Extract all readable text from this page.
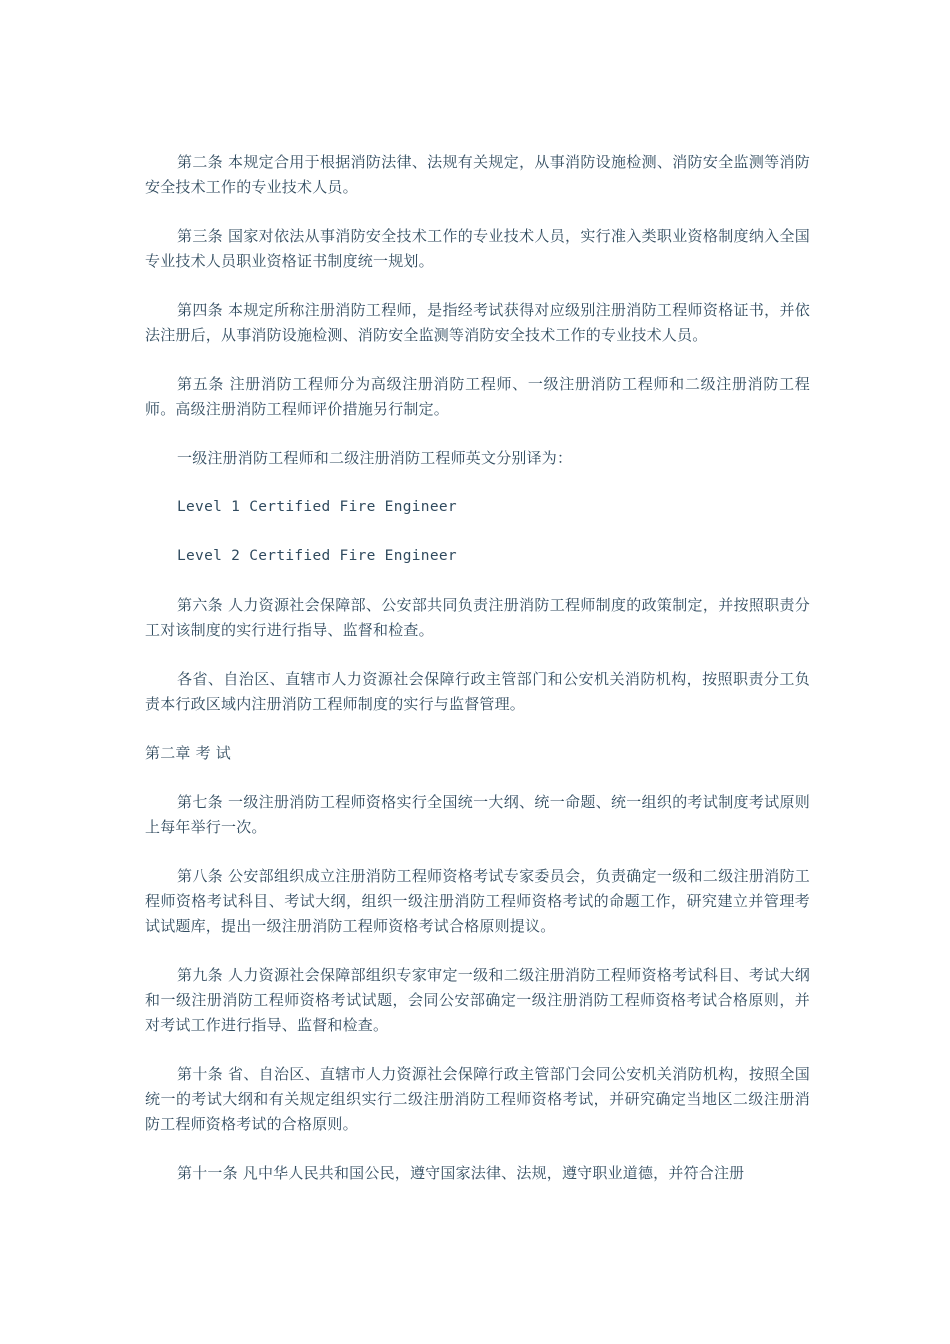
第二条 本规定合用于根据消防法律、法规有关规定，从事消防设施检测、消防安全监测等消防安全技术工作的专业技术人员。

第三条 国家对依法从事消防安全技术工作的专业技术人员，实行准入类职业资格制度纳入全国专业技术人员职业资格证书制度统一规划。

第四条 本规定所称注册消防工程师，是指经考试获得对应级别注册消防工程师资格证书，并依法注册后，从事消防设施检测、消防安全监测等消防安全技术工作的专业技术人员。

第五条 注册消防工程师分为高级注册消防工程师、一级注册消防工程师和二级注册消防工程师。高级注册消防工程师评价措施另行制定。

一级注册消防工程师和二级注册消防工程师英文分别译为：

Level 1 Certified Fire Engineer

Level 2 Certified Fire Engineer

第六条 人力资源社会保障部、公安部共同负责注册消防工程师制度的政策制定，并按照职责分工对该制度的实行进行指导、监督和检查。

各省、自治区、直辖市人力资源社会保障行政主管部门和公安机关消防机构，按照职责分工负责本行政区域内注册消防工程师制度的实行与监督管理。

第二章 考 试

第七条 一级注册消防工程师资格实行全国统一大纲、统一命题、统一组织的考试制度考试原则上每年举行一次。

第八条 公安部组织成立注册消防工程师资格考试专家委员会，负责确定一级和二级注册消防工程师资格考试科目、考试大纲，组织一级注册消防工程师资格考试的命题工作，研究建立并管理考试试题库，提出一级注册消防工程师资格考试合格原则提议。

第九条 人力资源社会保障部组织专家审定一级和二级注册消防工程师资格考试科目、考试大纲和一级注册消防工程师资格考试试题，会同公安部确定一级注册消防工程师资格考试合格原则，并对考试工作进行指导、监督和检查。

第十条 省、自治区、直辖市人力资源社会保障行政主管部门会同公安机关消防机构，按照全国统一的考试大纲和有关规定组织实行二级注册消防工程师资格考试，并研究确定当地区二级注册消防工程师资格考试的合格原则。

第十一条 凡中华人民共和国公民，遵守国家法律、法规，遵守职业道德，并符合注册
